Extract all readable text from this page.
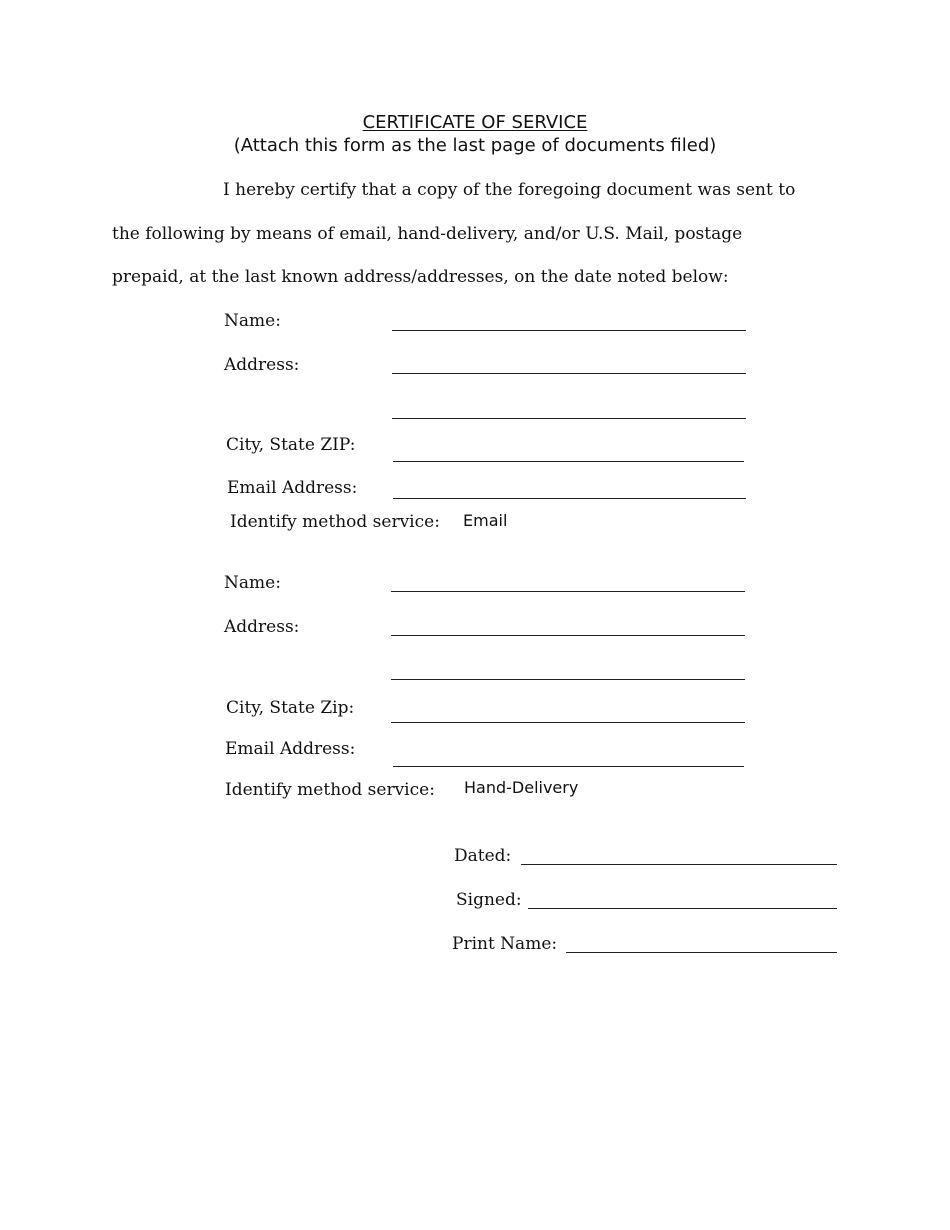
CERTIFICATE OF SERVICE
(Attach this form as the last page of documents filed)
I hereby certify that a copy of the foregoing document was sent to
the following by means of email, hand-delivery, and/or U.S. Mail, postage
prepaid, at the last known address/addresses, on the date noted below:
Name:
Address:
City, State ZIP:
Email Address:
Identify method service: Email
Name:
Address:
City, State Zip:
Email Address:
Identify method service: Hand-Delivery
Dated:
Signed:
Print Name:
